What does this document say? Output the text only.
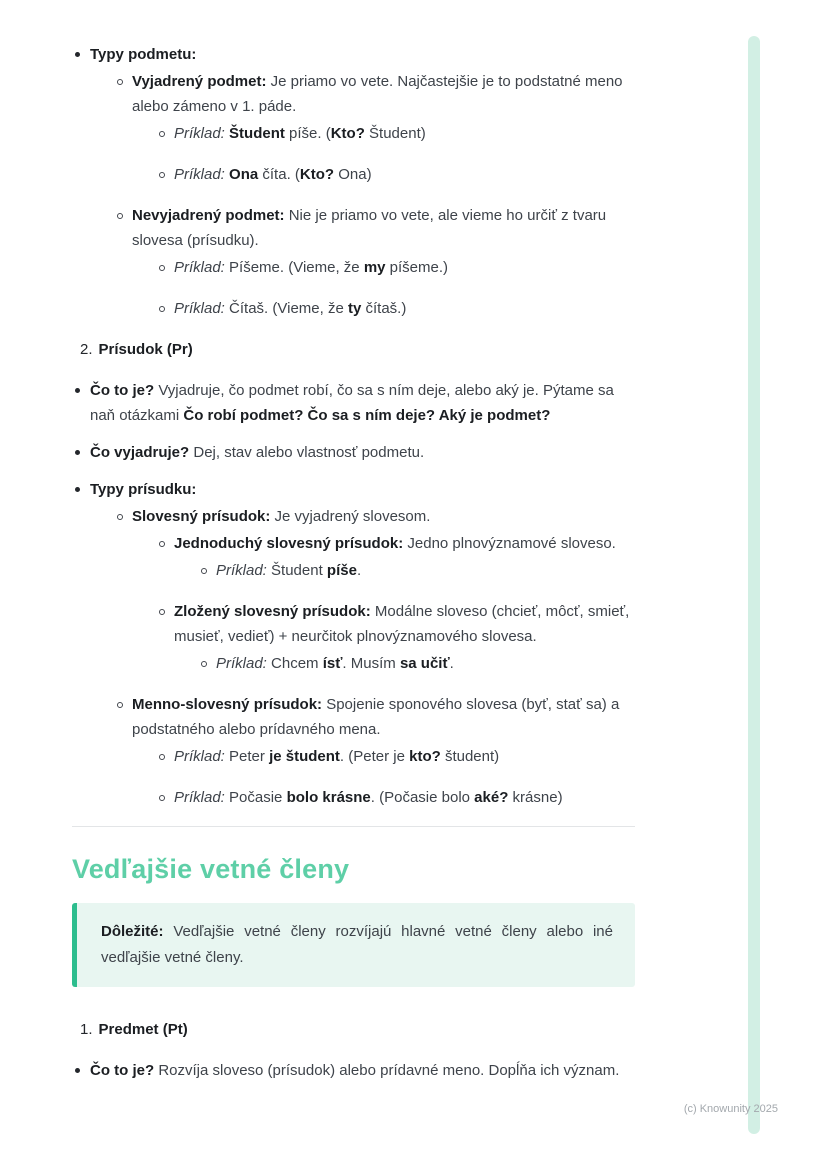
Typy podmetu:
Vyjadrený podmet: Je priamo vo vete. Najčastejšie je to podstatné meno alebo zámeno v 1. páde.
Príklad: Študent píše. (Kto? Študent)
Príklad: Ona číta. (Kto? Ona)
Nevyjadrený podmet: Nie je priamo vo vete, ale vieme ho určiť z tvaru slovesa (prísudku).
Príklad: Píšeme. (Vieme, že my píšeme.)
Príklad: Čítaš. (Vieme, že ty čítaš.)
2. Prísudok (Pr)
Čo to je? Vyjadruje, čo podmet robí, čo sa s ním deje, alebo aký je. Pýtame sa naň otázkami Čo robí podmet? Čo sa s ním deje? Aký je podmet?
Čo vyjadruje? Dej, stav alebo vlastnosť podmetu.
Typy prísudku:
Slovesný prísudok: Je vyjadrený slovesom.
Jednoduchý slovesný prísudok: Jedno plnovýznamové sloveso.
Príklad: Študent píše.
Zložený slovesný prísudok: Modálne sloveso (chcieť, môcť, smieť, musieť, vedieť) + neurčitok plnovýznamového slovesa.
Príklad: Chcem ísť. Musím sa učiť.
Menno-slovesný prísudok: Spojenie sponového slovesa (byť, stať sa) a podstatného alebo prídavného mena.
Príklad: Peter je študent. (Peter je kto? študent)
Príklad: Počasie bolo krásne. (Počasie bolo aké? krásne)
Vedľajšie vetné členy
Dôležité: Vedľajšie vetné členy rozvíjajú hlavné vetné členy alebo iné vedľajšie vetné členy.
1. Predmet (Pt)
Čo to je? Rozvíja sloveso (prísudok) alebo prídavné meno. Dopĺňa ich význam.
(c) Knowunity 2025
